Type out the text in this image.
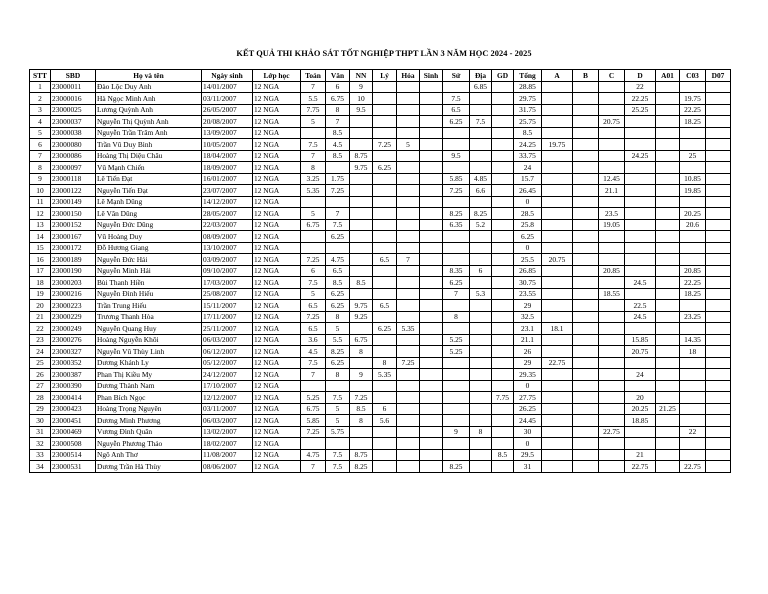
KẾT QUẢ THI KHẢO SÁT TỐT NGHIỆP THPT LẦN 3 NĂM HỌC 2024 - 2025
STT	SBD	Họ và tên	Ngày sinh	Lớp học	Toán	Văn	NN	Lý	Hóa	Sinh	Sử	Địa	GD	Tổng	A	B	C	D	A01	C03	D07
1	23000011	Đào Lộc Duy Anh	14/01/2007	12 NGA	7	6	9					6.85		28.85				22			
2	23000016	Hà Ngọc Minh Anh	03/11/2007	12 NGA	5.5	6.75	10				7.5			29.75				22.25		19.75	
3	23000025	Lương Quỳnh Anh	26/05/2007	12 NGA	7.75	8	9.5				6.5			31.75				25.25		22.25	
4	23000037	Nguyễn Thị Quỳnh Anh	20/08/2007	12 NGA	5	7					6.25	7.5		25.75			20.75			18.25	
5	23000038	Nguyễn Trần Trâm Anh	13/09/2007	12 NGA		8.5								8.5							
6	23000080	Trần Vũ Duy Bình	10/05/2007	12 NGA	7.5	4.5		7.25	5					24.25	19.75						
7	23000086	Hoàng Thị Diệu Châu	18/04/2007	12 NGA	7	8.5	8.75				9.5			33.75				24.25		25	
8	23000097	Vũ Mạnh Chiến	18/09/2007	12 NGA	8		9.75	6.25						24							
9	23000118	Lê Tiến Đạt	16/01/2007	12 NGA	3.25	1.75					5.85	4.85		15.7			12.45			10.85	
10	23000122	Nguyễn Tiến Đạt	23/07/2007	12 NGA	5.35	7.25					7.25	6.6		26.45			21.1			19.85	
11	23000149	Lê Mạnh Dũng	14/12/2007	12 NGA										0							
12	23000150	Lê Văn Dũng	28/05/2007	12 NGA	5	7					8.25	8.25		28.5			23.5			20.25	
13	23000152	Nguyễn Đức Dũng	22/03/2007	12 NGA	6.75	7.5					6.35	5.2		25.8			19.05			20.6	
14	23000167	Vũ Hoàng Duy	08/09/2007	12 NGA		6.25								6.25							
15	23000172	Đỗ Hương Giang	13/10/2007	12 NGA										0							
16	23000189	Nguyễn Đức Hải	03/09/2007	12 NGA	7.25	4.75		6.5	7					25.5	20.75						
17	23000190	Nguyễn Minh Hải	09/10/2007	12 NGA	6	6.5					8.35	6		26.85			20.85			20.85	
18	23000203	Bùi Thanh Hiền	17/03/2007	12 NGA	7.5	8.5	8.5				6.25			30.75				24.5		22.25	
19	23000216	Nguyễn Đình Hiếu	25/08/2007	12 NGA	5	6.25					7	5.3		23.55			18.55			18.25	
20	23000223	Trần Trung Hiếu	15/11/2007	12 NGA	6.5	6.25	9.75	6.5						29				22.5			
21	23000229	Trương Thanh Hòa	17/11/2007	12 NGA	7.25	8	9.25				8			32.5				24.5		23.25	
22	23000249	Nguyễn Quang Huy	25/11/2007	12 NGA	6.5	5		6.25	5.35					23.1	18.1						
23	23000276	Hoàng Nguyễn Khôi	06/03/2007	12 NGA	3.6	5.5	6.75				5.25			21.1				15.85		14.35	
24	23000327	Nguyễn Vũ Thùy Linh	06/12/2007	12 NGA	4.5	8.25	8				5.25			26				20.75		18	
25	23000352	Dương Khánh Ly	05/12/2007	12 NGA	7.5	6.25		8	7.25					29	22.75						
26	23000387	Phan Thị Kiều My	24/12/2007	12 NGA	7	8	9	5.35						29.35				24			
27	23000390	Dương Thành Nam	17/10/2007	12 NGA										0							
28	23000414	Phan Bích Ngọc	12/12/2007	12 NGA	5.25	7.5	7.25						7.75	27.75				20			
29	23000423	Hoàng Trọng Nguyên	03/11/2007	12 NGA	6.75	5	8.5	6						26.25				20.25	21.25		
30	23000451	Dương Minh Phương	06/03/2007	12 NGA	5.85	5	8	5.6						24.45				18.85			
31	23000469	Vương Đình Quân	13/02/2007	12 NGA	7.25	5.75					9	8		30			22.75			22	
32	23000508	Nguyễn Phương Thảo	18/02/2007	12 NGA										0							
33	23000514	Ngô Anh Thơ	11/08/2007	12 NGA	4.75	7.5	8.75						8.5	29.5				21			
34	23000531	Dương Trần Hà Thùy	08/06/2007	12 NGA	7	7.5	8.25				8.25			31				22.75		22.75	
